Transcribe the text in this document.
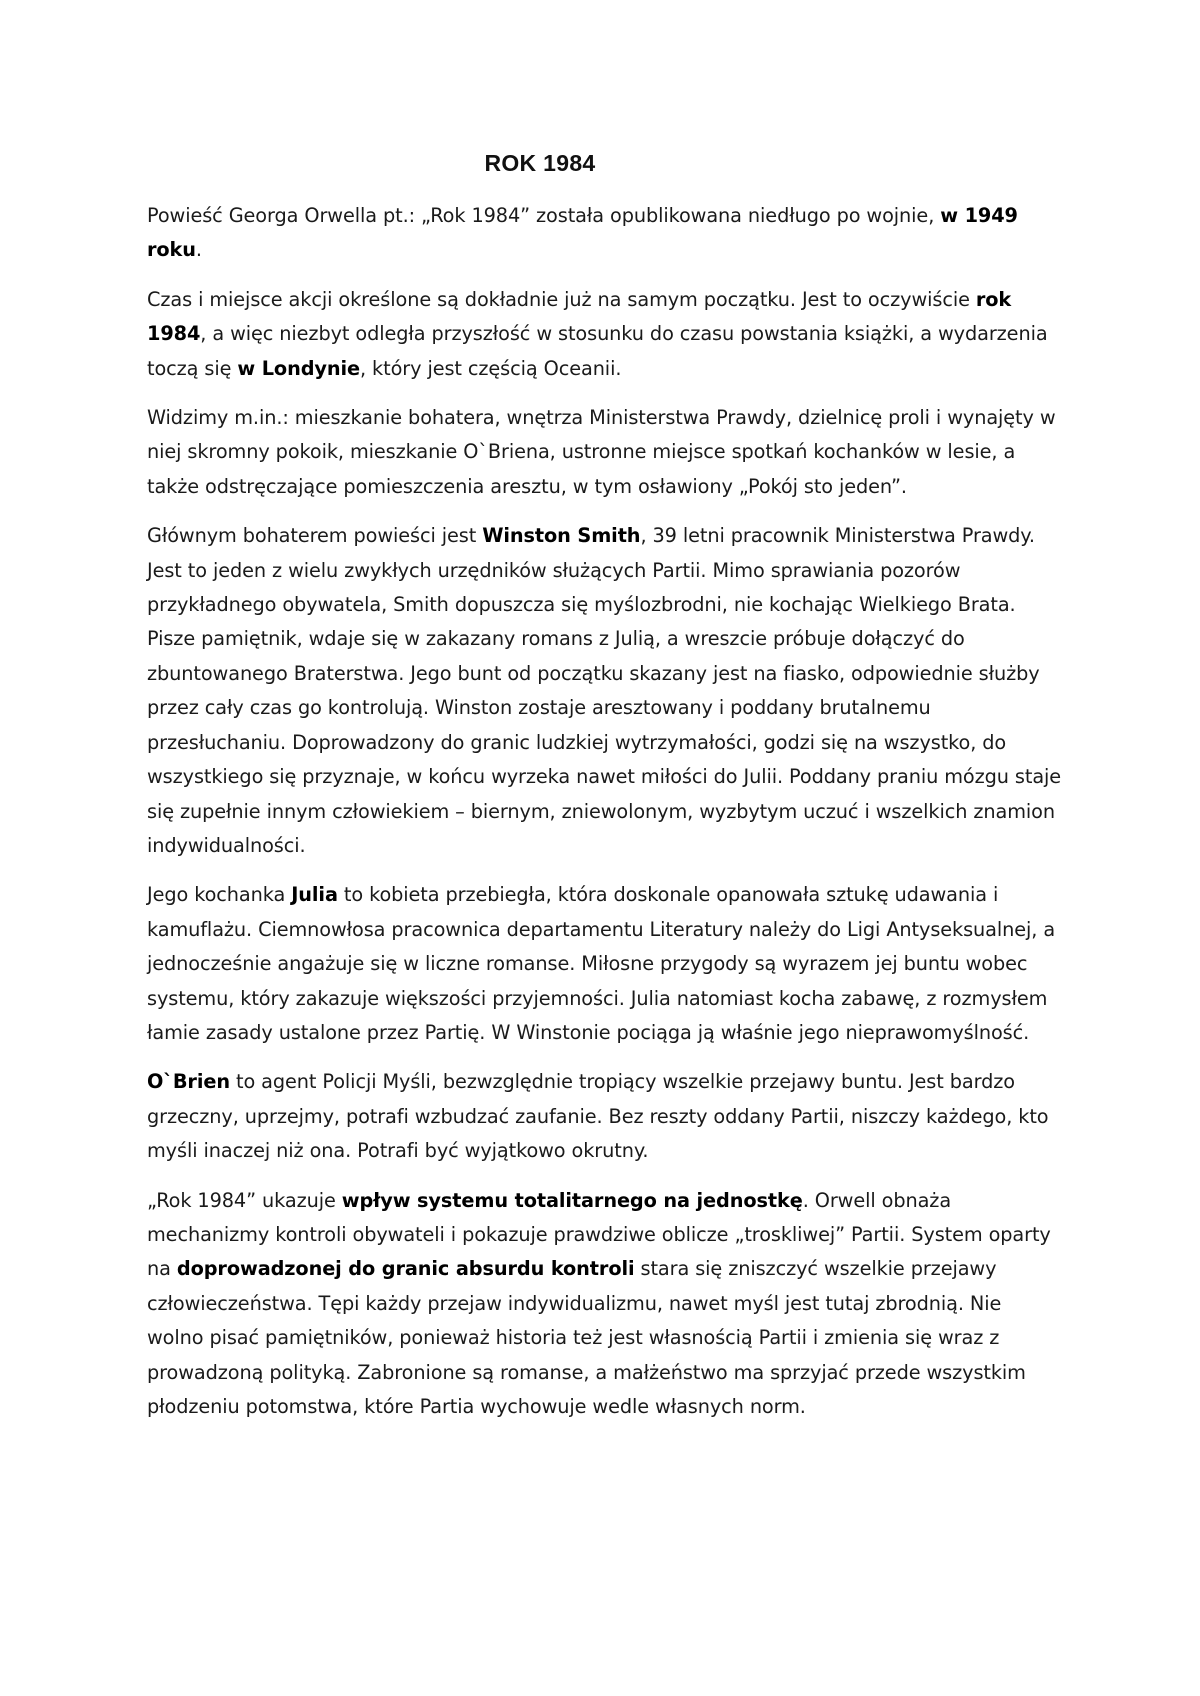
ROK 1984

Powieść Georga Orwella pt.: „Rok 1984” została opublikowana niedługo po wojnie, w 1949 roku.

Czas i miejsce akcji określone są dokładnie już na samym początku. Jest to oczywiście rok 1984, a więc niezbyt odległa przyszłość w stosunku do czasu powstania książki, a wydarzenia toczą się w Londynie, który jest częścią Oceanii.

Widzimy m.in.: mieszkanie bohatera, wnętrza Ministerstwa Prawdy, dzielnicę proli i wynajęty w niej skromny pokoik, mieszkanie O`Briena, ustronne miejsce spotkań kochanków w lesie, a także odstręczające pomieszczenia aresztu, w tym osławiony „Pokój sto jeden”.

Głównym bohaterem powieści jest Winston Smith, 39 letni pracownik Ministerstwa Prawdy. Jest to jeden z wielu zwykłych urzędników służących Partii. Mimo sprawiania pozorów przykładnego obywatela, Smith dopuszcza się myślozbrodni, nie kochając Wielkiego Brata. Pisze pamiętnik, wdaje się w zakazany romans z Julią, a wreszcie próbuje dołączyć do zbuntowanego Braterstwa. Jego bunt od początku skazany jest na fiasko, odpowiednie służby przez cały czas go kontrolują. Winston zostaje aresztowany i poddany brutalnemu przesłuchaniu. Doprowadzony do granic ludzkiej wytrzymałości, godzi się na wszystko, do wszystkiego się przyznaje, w końcu wyrzeka nawet miłości do Julii. Poddany praniu mózgu staje się zupełnie innym człowiekiem – biernym, zniewolonym, wyzbytym uczuć i wszelkich znamion indywidualności.

Jego kochanka Julia to kobieta przebiegła, która doskonale opanowała sztukę udawania i kamuflażu. Ciemnowłosa pracownica departamentu Literatury należy do Ligi Antyseksualnej, a jednocześnie angażuje się w liczne romanse. Miłosne przygody są wyrazem jej buntu wobec systemu, który zakazuje większości przyjemności. Julia natomiast kocha zabawę, z rozmysłem łamie zasady ustalone przez Partię. W Winstonie pociąga ją właśnie jego nieprawomyślność.

O`Brien to agent Policji Myśli, bezwzględnie tropiący wszelkie przejawy buntu. Jest bardzo grzeczny, uprzejmy, potrafi wzbudzać zaufanie. Bez reszty oddany Partii, niszczy każdego, kto myśli inaczej niż ona. Potrafi być wyjątkowo okrutny.

„Rok 1984” ukazuje wpływ systemu totalitarnego na jednostkę. Orwell obnaża mechanizmy kontroli obywateli i pokazuje prawdziwe oblicze „troskliwej” Partii. System oparty na doprowadzonej do granic absurdu kontroli stara się zniszczyć wszelkie przejawy człowieczeństwa. Tępi każdy przejaw indywidualizmu, nawet myśl jest tutaj zbrodnią. Nie wolno pisać pamiętników, ponieważ historia też jest własnością Partii i zmienia się wraz z prowadzoną polityką. Zabronione są romanse, a małżeństwo ma sprzyjać przede wszystkim płodzeniu potomstwa, które Partia wychowuje wedle własnych norm.
